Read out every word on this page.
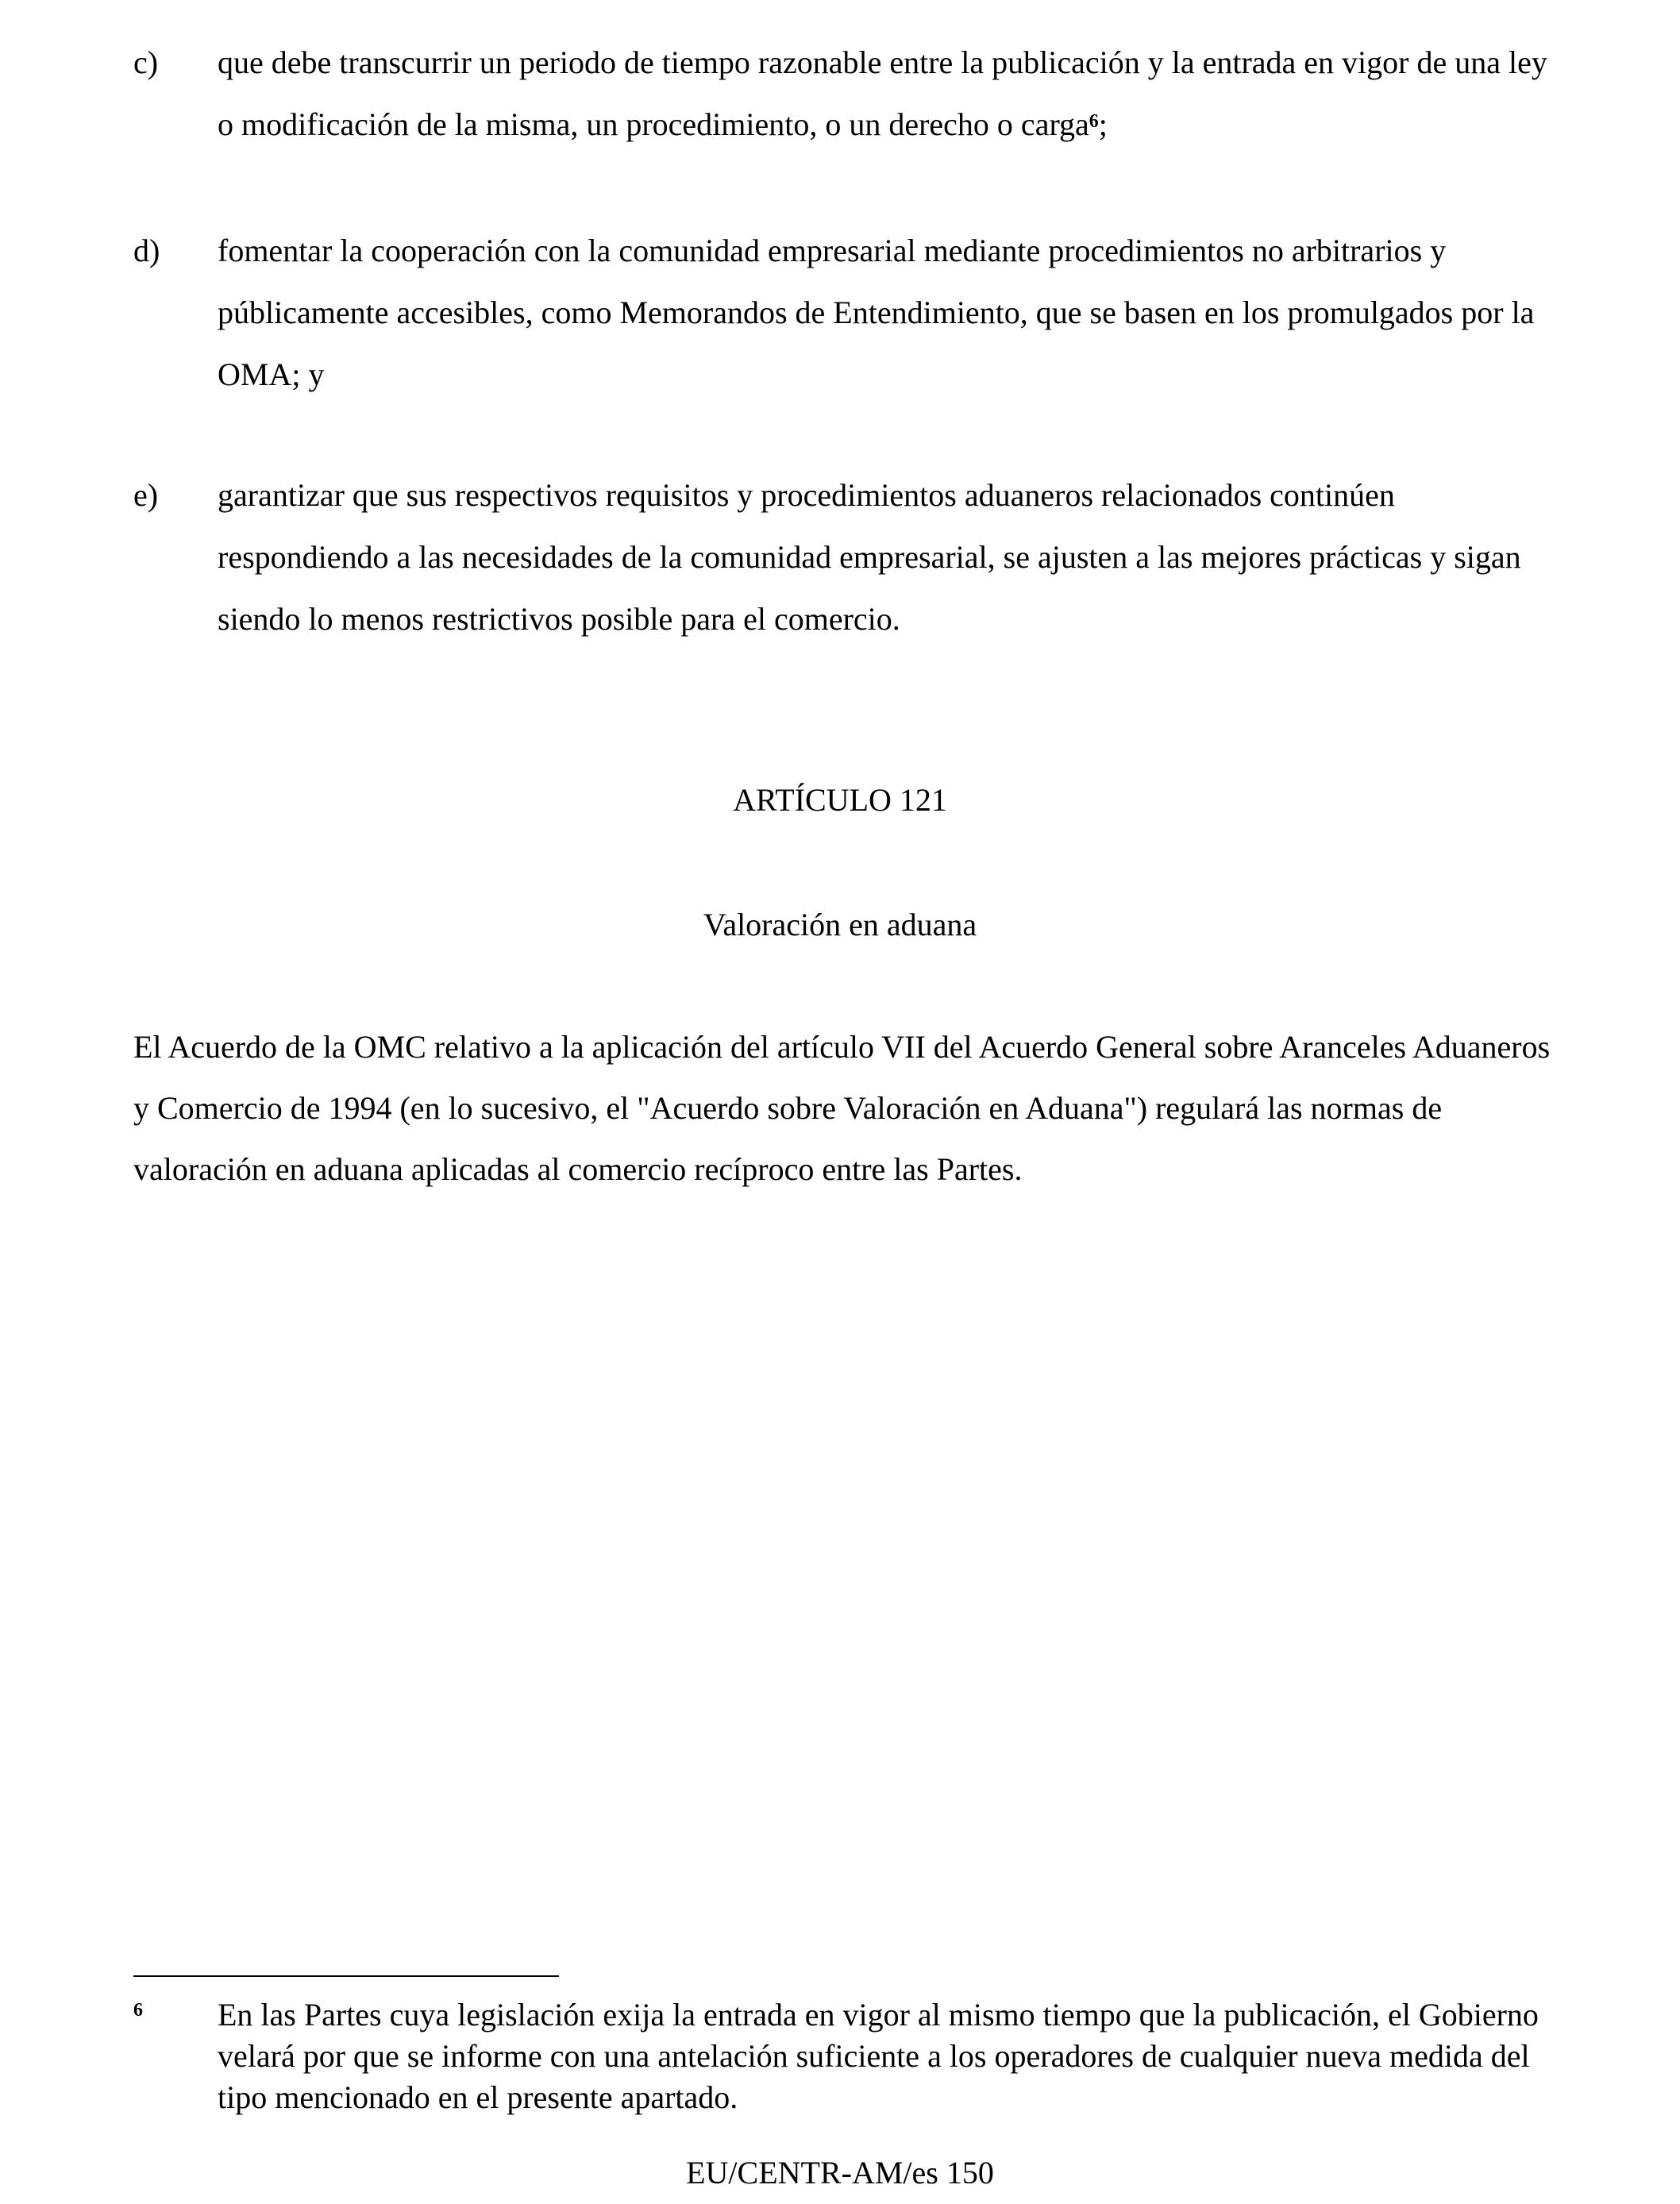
c) que debe transcurrir un periodo de tiempo razonable entre la publicación y la entrada en vigor de una ley o modificación de la misma, un procedimiento, o un derecho o carga$^6$;
d) fomentar la cooperación con la comunidad empresarial mediante procedimientos no arbitrarios y públicamente accesibles, como Memorandos de Entendimiento, que se basen en los promulgados por la OMA; y
e) garantizar que sus respectivos requisitos y procedimientos aduaneros relacionados continúen respondiendo a las necesidades de la comunidad empresarial, se ajusten a las mejores prácticas y sigan siendo lo menos restrictivos posible para el comercio.
ARTÍCULO 121
Valoración en aduana
El Acuerdo de la OMC relativo a la aplicación del artículo VII del Acuerdo General sobre Aranceles Aduaneros y Comercio de 1994 (en lo sucesivo, el "Acuerdo sobre Valoración en Aduana") regulará las normas de valoración en aduana aplicadas al comercio recíproco entre las Partes.
6 En las Partes cuya legislación exija la entrada en vigor al mismo tiempo que la publicación, el Gobierno velará por que se informe con una antelación suficiente a los operadores de cualquier nueva medida del tipo mencionado en el presente apartado.
EU/CENTR-AM/es 150
